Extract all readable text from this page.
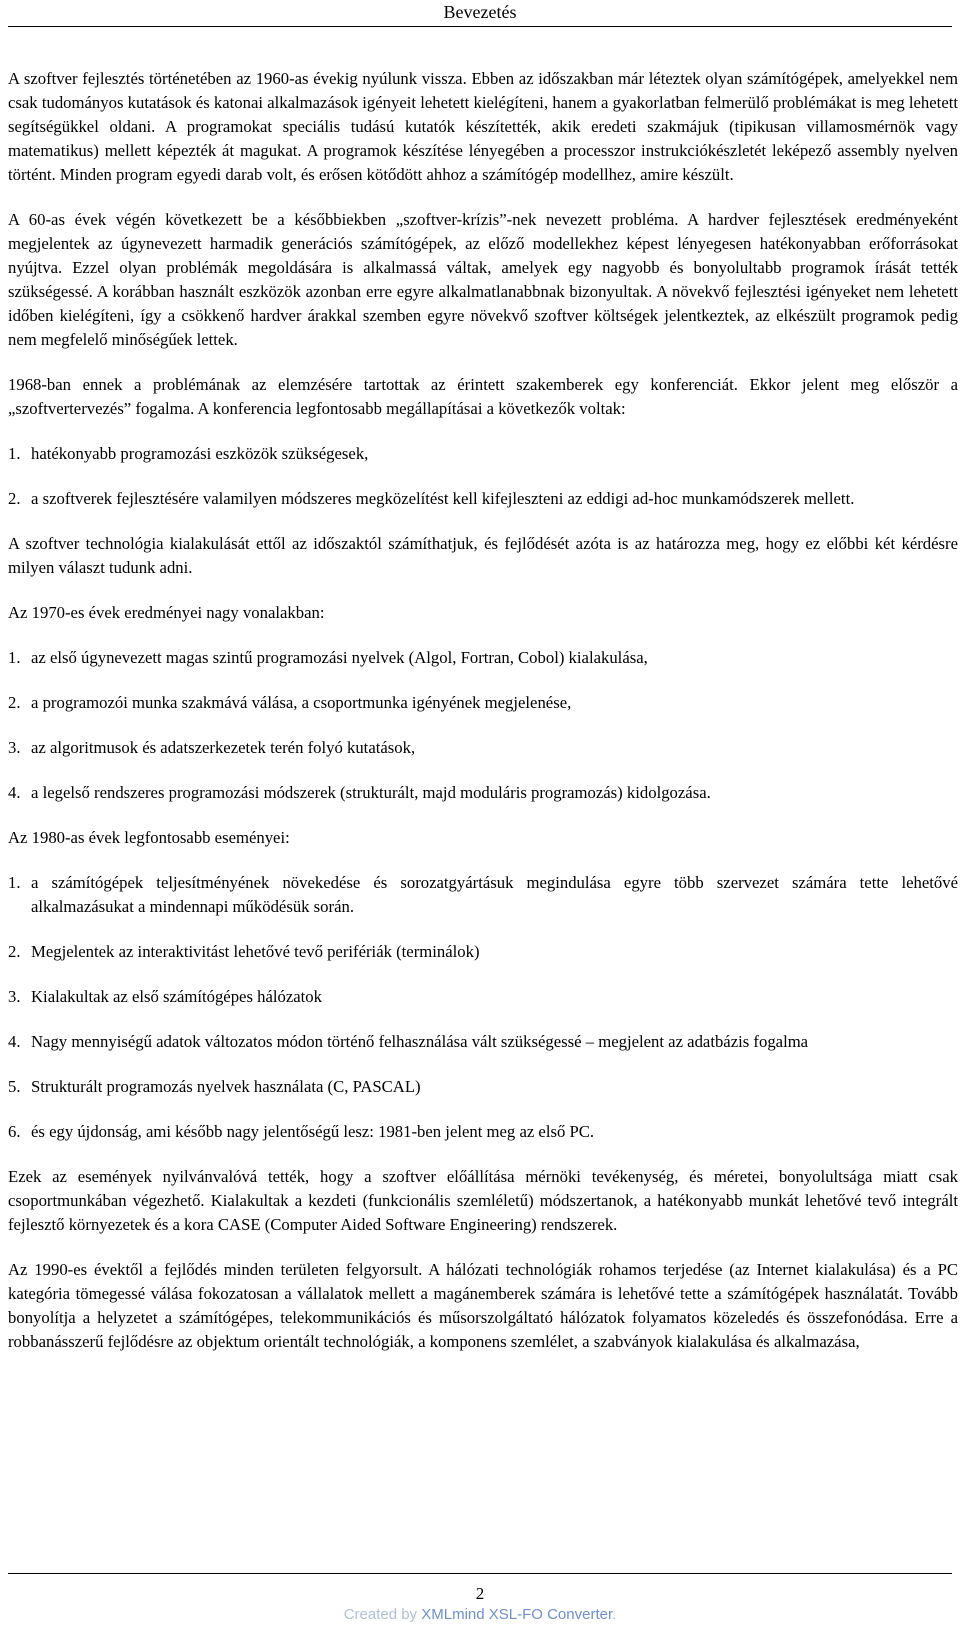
Bevezetés

A szoftver fejlesztés történetében az 1960-as évekig nyúlunk vissza. Ebben az időszakban már léteztek olyan számítógépek, amelyekkel nem csak tudományos kutatások és katonai alkalmazások igényeit lehetett kielégíteni, hanem a gyakorlatban felmerülő problémákat is meg lehetett segítségükkel oldani. A programokat speciális tudású kutatók készítették, akik eredeti szakmájuk (tipikusan villamosmérnök vagy matematikus) mellett képezték át magukat. A programok készítése lényegében a processzor instrukciókészletét leképező assembly nyelven történt. Minden program egyedi darab volt, és erősen kötődött ahhoz a számítógép modellhez, amire készült.

A 60-as évek végén következett be a későbbiekben „szoftver-krízis”-nek nevezett probléma. A hardver fejlesztések eredményeként megjelentek az úgynevezett harmadik generációs számítógépek, az előző modellekhez képest lényegesen hatékonyabban erőforrásokat nyújtva. Ezzel olyan problémák megoldására is alkalmassá váltak, amelyek egy nagyobb és bonyolultabb programok írását tették szükségessé. A korábban használt eszközök azonban erre egyre alkalmatlanabbnak bizonyultak. A növekvő fejlesztési igényeket nem lehetett időben kielégíteni, így a csökkenő hardver árakkal szemben egyre növekvő szoftver költségek jelentkeztek, az elkészült programok pedig nem megfelelő minőségűek lettek.

1968-ban ennek a problémának az elemzésére tartottak az érintett szakemberek egy konferenciát. Ekkor jelent meg először a „szoftvertervezés” fogalma. A konferencia legfontosabb megállapításai a következők voltak:

1. hatékonyabb programozási eszközök szükségesek,
2. a szoftverek fejlesztésére valamilyen módszeres megközelítést kell kifejleszteni az eddigi ad-hoc munkamódszerek mellett.

A szoftver technológia kialakulását ettől az időszaktól számíthatjuk, és fejlődését azóta is az határozza meg, hogy ez előbbi két kérdésre milyen választ tudunk adni.

Az 1970-es évek eredményei nagy vonalakban:

1. az első úgynevezett magas szintű programozási nyelvek (Algol, Fortran, Cobol) kialakulása,
2. a programozói munka szakmává válása, a csoportmunka igényének megjelenése,
3. az algoritmusok és adatszerkezetek terén folyó kutatások,
4. a legelső rendszeres programozási módszerek (strukturált, majd moduláris programozás) kidolgozása.

Az 1980-as évek legfontosabb eseményei:

1. a számítógépek teljesítményének növekedése és sorozatgyártásuk megindulása egyre több szervezet számára tette lehetővé alkalmazásukat a mindennapi működésük során.
2. Megjelentek az interaktivitást lehetővé tevő perifériák (terminálok)
3. Kialakultak az első számítógépes hálózatok
4. Nagy mennyiségű adatok változatos módon történő felhasználása vált szükségessé – megjelent az adatbázis fogalma
5. Strukturált programozás nyelvek használata (C, PASCAL)
6. és egy újdonság, ami később nagy jelentőségű lesz: 1981-ben jelent meg az első PC.

Ezek az események nyilvánvalóvá tették, hogy a szoftver előállítása mérnöki tevékenység, és méretei, bonyolultsága miatt csak csoportmunkában végezhető. Kialakultak a kezdeti (funkcionális szemléletű) módszertanok, a hatékonyabb munkát lehetővé tevő integrált fejlesztő környezetek és a kora CASE (Computer Aided Software Engineering) rendszerek.

Az 1990-es évektől a fejlődés minden területen felgyorsult. A hálózati technológiák rohamos terjedése (az Internet kialakulása) és a PC kategória tömegessé válása fokozatosan a vállalatok mellett a magánemberek számára is lehetővé tette a számítógépek használatát. Tovább bonyolítja a helyzetet a számítógépes, telekommunikációs és műsorszolgáltató hálózatok folyamatos közeledés és összefonódása. Erre a robbanásszerű fejlődésre az objektum orientált technológiák, a komponens szemlélet, a szabványok kialakulása és alkalmazása,

2
Created by XMLmind XSL-FO Converter.
